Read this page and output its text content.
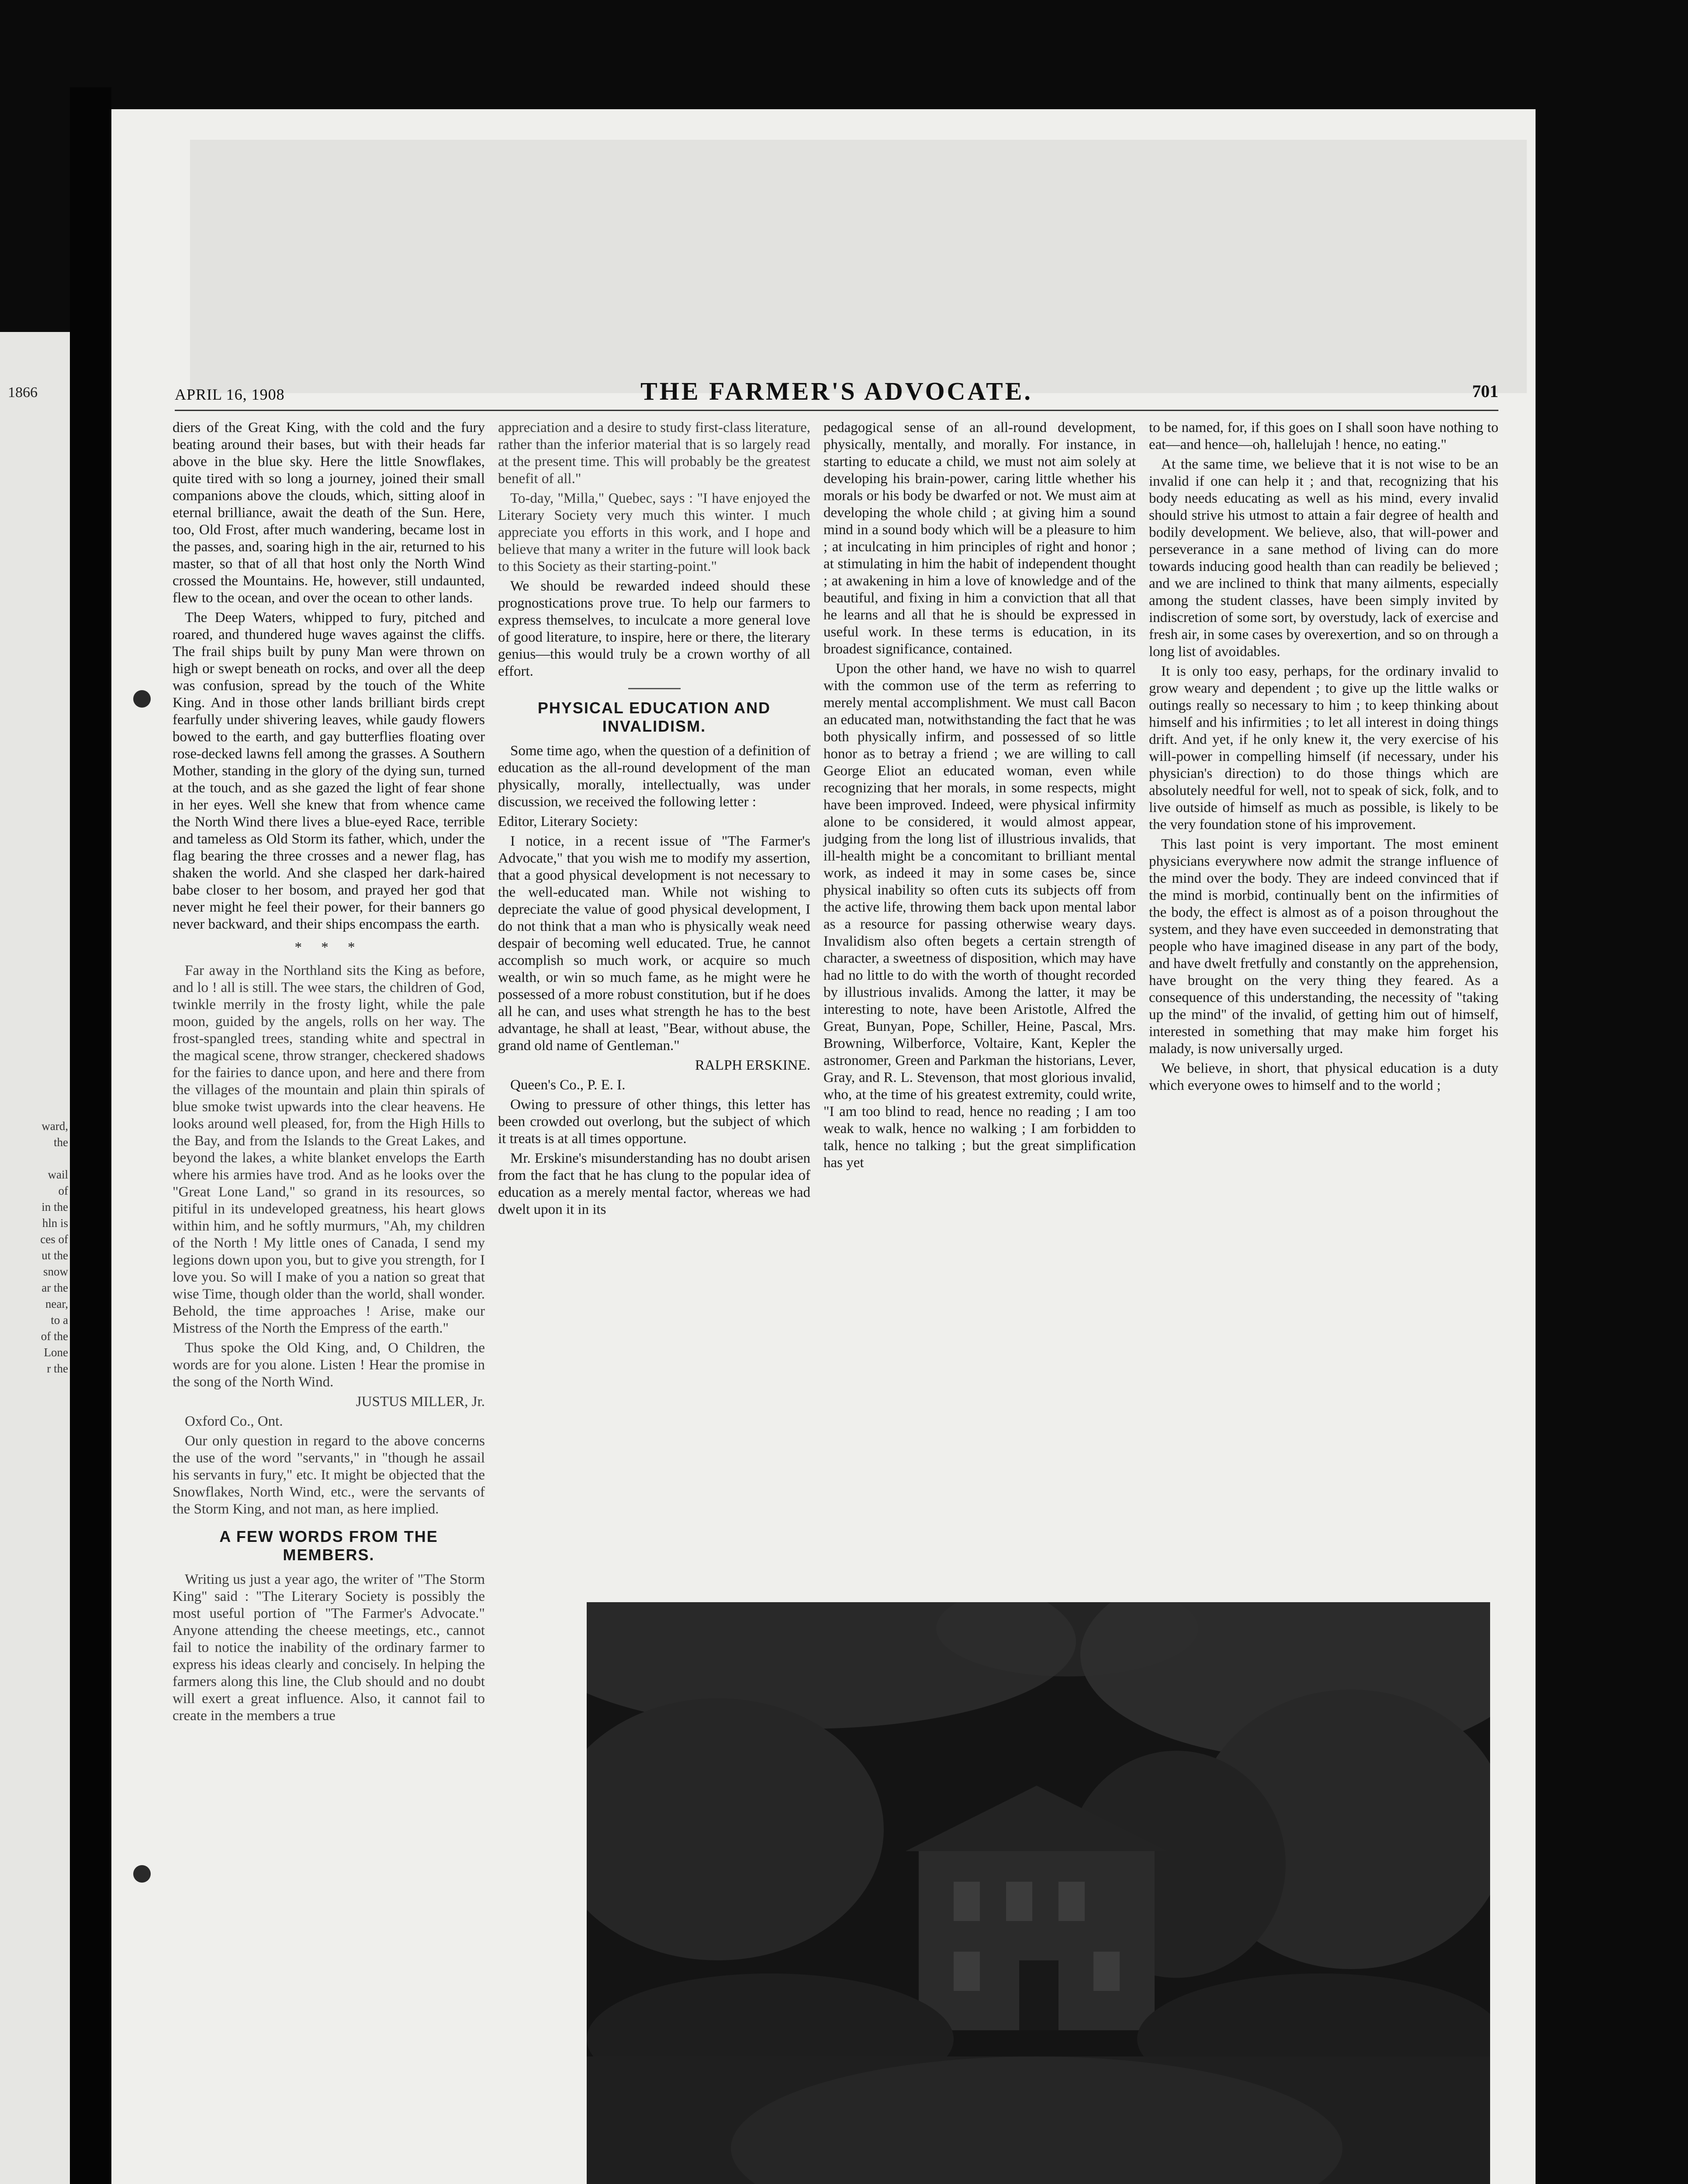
1866
ward,
the

wail
of
in the
hln is
ces of
ut the
snow
ar the
near,
to a
of the
Lone
r the
APRIL 16, 1908	THE FARMER'S ADVOCATE.	701

diers of the Great King, with the cold and the fury beating around their bases, but with their heads far above in the blue sky. Here the little Snowflakes, quite tired with so long a journey, joined their small companions above the clouds, which, sitting aloof in eternal brilliance, await the death of the Sun. Here, too, Old Frost, after much wandering, became lost in the passes, and, soaring high in the air, returned to his master, so that of all that host only the North Wind crossed the Mountains. He, however, still undaunted, flew to the ocean, and over the ocean to other lands.

The Deep Waters, whipped to fury, pitched and roared, and thundered huge waves against the cliffs. The frail ships built by puny Man were thrown on high or swept beneath on rocks, and over all the deep was confusion, spread by the touch of the White King. And in those other lands brilliant birds crept fearfully under shivering leaves, while gaudy flowers bowed to the earth, and gay butterflies floating over rose-decked lawns fell among the grasses. A Southern Mother, standing in the glory of the dying sun, turned at the touch, and as she gazed the light of fear shone in her eyes. Well she knew that from whence came the North Wind there lives a blue-eyed Race, terrible and tameless as Old Storm its father, which, under the flag bearing the three crosses and a newer flag, has shaken the world. And she clasped her dark-haired babe closer to her bosom, and prayed her god that never might he feel their power, for their banners go never backward, and their ships encompass the earth.

* * *

Far away in the Northland sits the King as before, and lo ! all is still. The wee stars, the children of God, twinkle merrily in the frosty light, while the pale moon, guided by the angels, rolls on her way. The frost-spangled trees, standing white and spectral in the magical scene, throw stranger, checkered shadows for the fairies to dance upon, and here and there from the villages of the mountain and plain thin spirals of blue smoke twist upwards into the clear heavens. He looks around well pleased, for, from the High Hills to the Bay, and from the Islands to the Great Lakes, and beyond the lakes, a white blanket envelops the Earth where his armies have trod. And as he looks over the "Great Lone Land," so grand in its resources, so pitiful in its undeveloped greatness, his heart glows within him, and he softly murmurs, "Ah, my children of the North ! My little ones of Canada, I send my legions down upon you, but to give you strength, for I love you. So will I make of you a nation so great that wise Time, though older than the world, shall wonder. Behold, the time approaches ! Arise, make our Mistress of the North the Empress of the earth."

Thus spoke the Old King, and, O Children, the words are for you alone. Listen ! Hear the promise in the song of the North Wind.

JUSTUS MILLER, Jr.

Oxford Co., Ont.

Our only question in regard to the above concerns the use of the word "servants," in "though he assail his servants in fury," etc. It might be objected that the Snowflakes, North Wind, etc., were the servants of the Storm King, and not man, as here implied.

A FEW WORDS FROM THE MEMBERS.

Writing us just a year ago, the writer of "The Storm King" said : "The Literary Society is possibly the most useful portion of "The Farmer's Advocate." Anyone attending the cheese meetings, etc., cannot fail to notice the inability of the ordinary farmer to express his ideas clearly and concisely. In helping the farmers along this line, the Club should and no doubt will exert a great influence. Also, it cannot fail to create in the members a true

appreciation and a desire to study first-class literature, rather than the inferior material that is so largely read at the present time. This will probably be the greatest benefit of all."

To-day, "Milla," Quebec, says : "I have enjoyed the Literary Society very much this winter. I much appreciate you efforts in this work, and I hope and believe that many a writer in the future will look back to this Society as their starting-point."

We should be rewarded indeed should these prognostications prove true. To help our farmers to express themselves, to inculcate a more general love of good literature, to inspire, here or there, the literary genius—this would truly be a crown worthy of all effort.

PHYSICAL EDUCATION AND INVALIDISM.

Some time ago, when the question of a definition of education as the all-round development of the man physically, morally, intellectually, was under discussion, we received the following letter :

Editor, Literary Society:

I notice, in a recent issue of "The Farmer's Advocate," that you wish me to modify my assertion, that a good physical development is not necessary to the well-educated man. While not wishing to depreciate the value of good physical development, I do not think that a man who is physically weak need despair of becoming well educated. True, he cannot accomplish so much work, or acquire so much wealth, or win so much fame, as he might were he possessed of a more robust constitution, but if he does all he can, and uses what strength he has to the best advantage, he shall at least, "Bear, without abuse, the grand old name of Gentleman."

RALPH ERSKINE.

Queen's Co., P. E. I.

Owing to pressure of other things, this letter has been crowded out overlong, but the subject of which it treats is at all times opportune.

Mr. Erskine's misunderstanding has no doubt arisen from the fact that he has clung to the popular idea of education as a merely mental factor, whereas we had dwelt upon it in its

pedagogical sense of an all-round development, physically, mentally, and morally. For instance, in starting to educate a child, we must not aim solely at developing his brain-power, caring little whether his morals or his body be dwarfed or not. We must aim at developing the whole child ; at giving him a sound mind in a sound body which will be a pleasure to him ; at inculcating in him principles of right and honor ; at stimulating in him the habit of independent thought ; at awakening in him a love of knowledge and of the beautiful, and fixing in him a conviction that all that he learns and all that he is should be expressed in useful work. In these terms is education, in its broadest significance, contained.

Upon the other hand, we have no wish to quarrel with the common use of the term as referring to merely mental accomplishment. We must call Bacon an educated man, notwithstanding the fact that he was both physically infirm, and possessed of so little honor as to betray a friend ; we are willing to call George Eliot an educated woman, even while recognizing that her morals, in some respects, might have been improved. Indeed, were physical infirmity alone to be considered, it would almost appear, judging from the long list of illustrious invalids, that ill-health might be a concomitant to brilliant mental work, as indeed it may in some cases be, since physical inability so often cuts its subjects off from the active life, throwing them back upon mental labor as a resource for passing otherwise weary days. Invalidism also often begets a certain strength of character, a sweetness of disposition, which may have had no little to do with the worth of thought recorded by illustrious invalids. Among the latter, it may be interesting to note, have been Aristotle, Alfred the Great, Bunyan, Pope, Schiller, Heine, Pascal, Mrs. Browning, Wilberforce, Voltaire, Kant, Kepler the astronomer, Green and Parkman the historians, Lever, Gray, and R. L. Stevenson, that most glorious invalid, who, at the time of his greatest extremity, could write, "I am too blind to read, hence no reading ; I am too weak to walk, hence no walking ; I am forbidden to talk, hence no talking ; but the great simplification has yet

to be named, for, if this goes on I shall soon have nothing to eat—and hence—oh, hallelujah ! hence, no eating."

At the same time, we believe that it is not wise to be an invalid if one can help it ; and that, recognizing that his body needs educating as well as his mind, every invalid should strive his utmost to attain a fair degree of health and bodily development. We believe, also, that will-power and perseverance in a sane method of living can do more towards inducing good health than can readily be believed ; and we are inclined to think that many ailments, especially among the student classes, have been simply invited by indiscretion of some sort, by overstudy, lack of exercise and fresh air, in some cases by overexertion, and so on through a long list of avoidables.

It is only too easy, perhaps, for the ordinary invalid to grow weary and dependent ; to give up the little walks or outings really so necessary to him ; to keep thinking about himself and his infirmities ; to let all interest in doing things drift. And yet, if he only knew it, the very exercise of his will-power in compelling himself (if necessary, under his physician's direction) to do those things which are absolutely needful for well, not to speak of sick, folk, and to live outside of himself as much as possible, is likely to be the very foundation stone of his improvement.

This last point is very important. The most eminent physicians everywhere now admit the strange influence of the mind over the body. They are indeed convinced that if the mind is morbid, continually bent on the infirmities of the body, the effect is almost as of a poison throughout the system, and they have even succeeded in demonstrating that people who have imagined disease in any part of the body, and have dwelt fretfully and constantly on the apprehension, have brought on the very thing they feared. As a consequence of this understanding, the necessity of "taking up the mind" of the invalid, of getting him out of himself, interested in something that may make him forget his malady, is now universally urged.

We believe, in short, that physical education is a duty which everyone owes to himself and to the world ;
